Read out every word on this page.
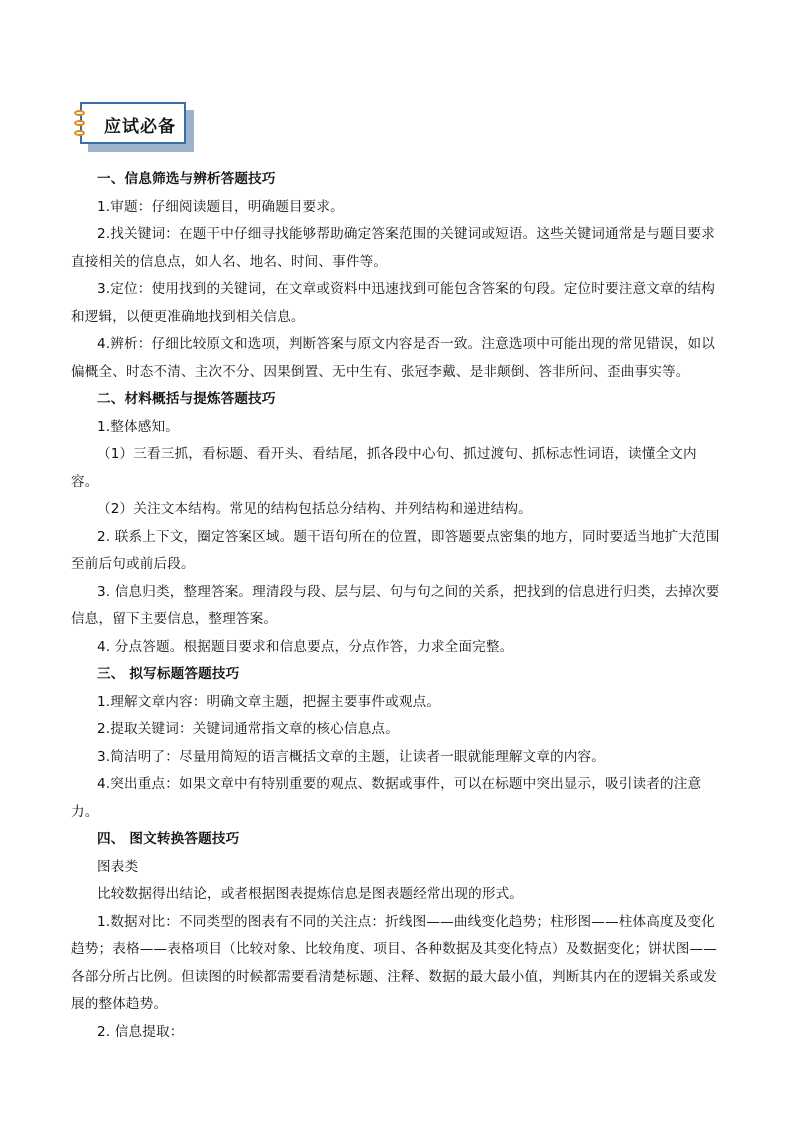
应试必备

一、信息筛选与辨析答题技巧

1.审题：仔细阅读题目，明确题目要求。

2.找关键词：在题干中仔细寻找能够帮助确定答案范围的关键词或短语。这些关键词通常是与题目要求直接相关的信息点，如人名、地名、时间、事件等。

3.定位：使用找到的关键词，在文章或资料中迅速找到可能包含答案的句段。定位时要注意文章的结构和逻辑，以便更准确地找到相关信息。

4.辨析：仔细比较原文和选项，判断答案与原文内容是否一致。注意选项中可能出现的常见错误，如以偏概全、时态不清、主次不分、因果倒置、无中生有、张冠李戴、是非颠倒、答非所问、歪曲事实等。

二、材料概括与提炼答题技巧

1.整体感知。

（1）三看三抓，看标题、看开头、看结尾，抓各段中心句、抓过渡句、抓标志性词语，读懂全文内容。

（2）关注文本结构。常见的结构包括总分结构、并列结构和递进结构。

2. 联系上下文，圈定答案区域。题干语句所在的位置，即答题要点密集的地方，同时要适当地扩大范围至前后句或前后段。

3. 信息归类，整理答案。理清段与段、层与层、句与句之间的关系，把找到的信息进行归类，去掉次要信息，留下主要信息，整理答案。

4. 分点答题。根据题目要求和信息要点，分点作答，力求全面完整。

三、 拟写标题答题技巧

1.理解文章内容：明确文章主题，把握主要事件或观点。

2.提取关键词：关键词通常指文章的核心信息点。

3.简洁明了：尽量用简短的语言概括文章的主题，让读者一眼就能理解文章的内容。

4.突出重点：如果文章中有特别重要的观点、数据或事件，可以在标题中突出显示，吸引读者的注意力。

四、 图文转换答题技巧

图表类

比较数据得出结论，或者根据图表提炼信息是图表题经常出现的形式。

1.数据对比：不同类型的图表有不同的关注点：折线图——曲线变化趋势；柱形图——柱体高度及变化趋势；表格——表格项目（比较对象、比较角度、项目、各种数据及其变化特点）及数据变化；饼状图——各部分所占比例。但读图的时候都需要看清楚标题、注释、数据的最大最小值，判断其内在的逻辑关系或发展的整体趋势。

2. 信息提取：
